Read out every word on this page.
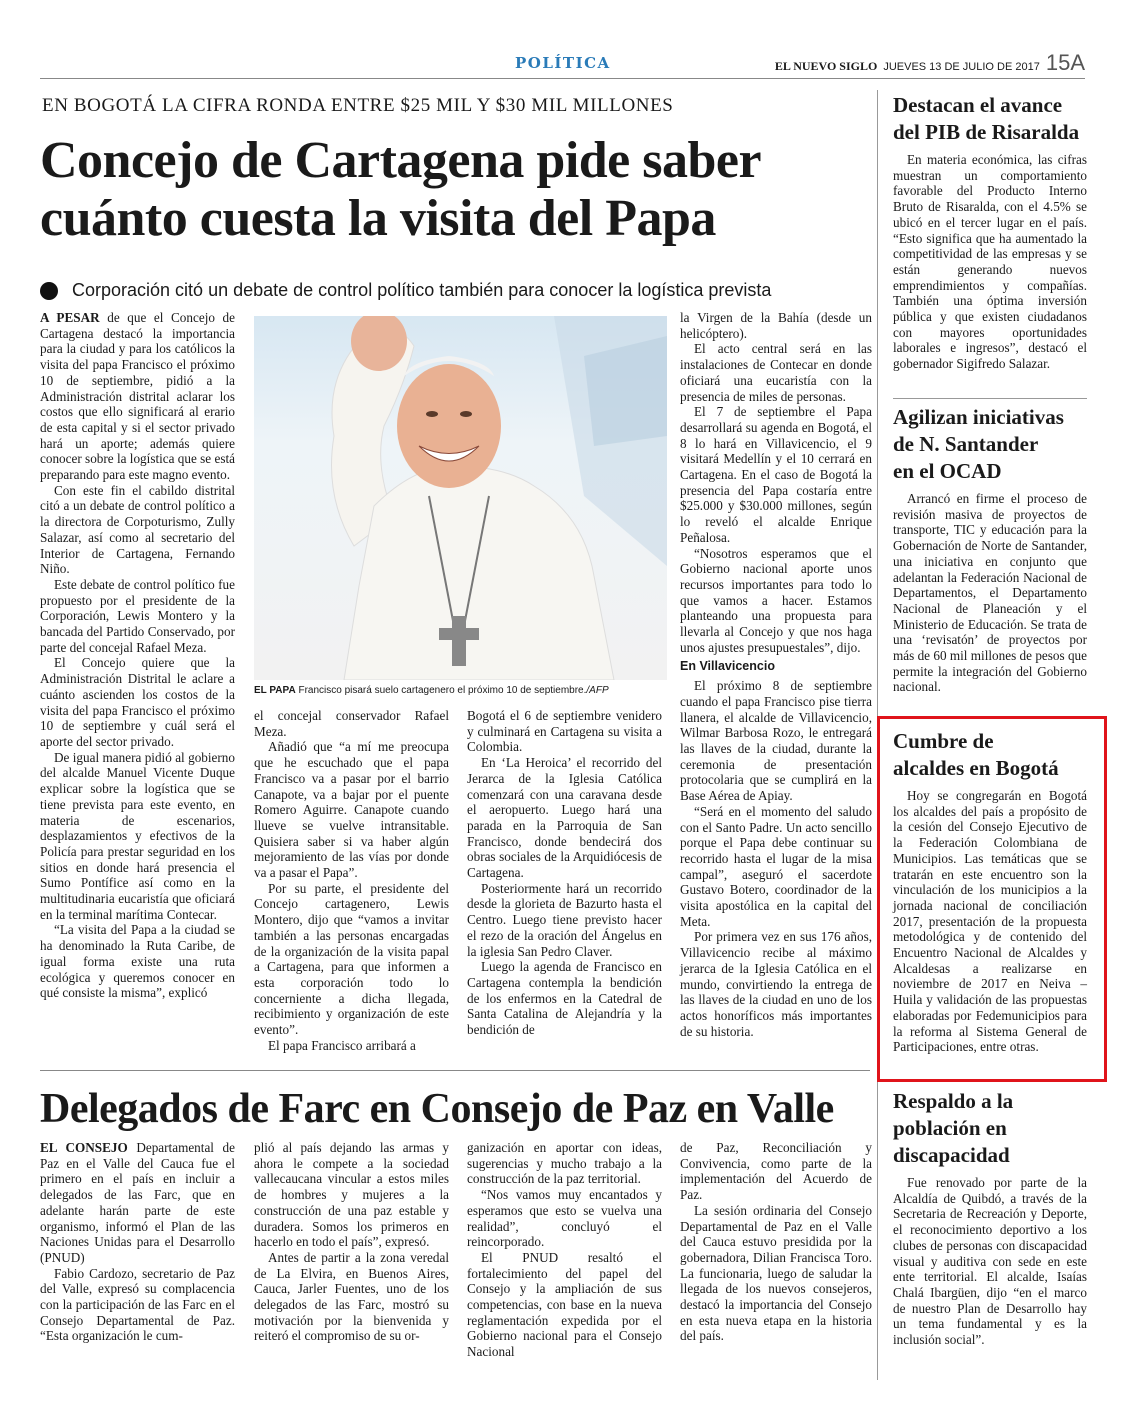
POLÍTICA	EL NUEVO SIGLO JUEVES 13 DE JULIO DE 2017 15A
EN BOGOTÁ LA CIFRA RONDA ENTRE $25 MIL Y $30 MIL MILLONES
Concejo de Cartagena pide saber
cuánto cuesta la visita del Papa
Corporación citó un debate de control político también para conocer la logística prevista

A PESAR de que el Concejo de Cartagena destacó la importancia para la ciudad y para los católicos la visita del papa Francisco el próximo 10 de septiembre, pidió a la Administración distrital aclarar los costos que ello significará al erario de esta capital y si el sector privado hará un aporte; además quiere conocer sobre la logística que se está preparando para este magno evento.

Con este fin el cabildo distrital citó a un debate de control político a la directora de Corpoturismo, Zully Salazar, así como al secretario del Interior de Cartagena, Fernando Niño.

Este debate de control político fue propuesto por el presidente de la Corporación, Lewis Montero y la bancada del Partido Conservado, por parte del concejal Rafael Meza.

El Concejo quiere que la Administración Distrital le aclare a cuánto ascienden los costos de la visita del papa Francisco el próximo 10 de septiembre y cuál será el aporte del sector privado.

De igual manera pidió al gobierno del alcalde Manuel Vicente Duque explicar sobre la logística que se tiene prevista para este evento, en materia de escenarios, desplazamientos y efectivos de la Policía para prestar seguridad en los sitios en donde hará presencia el Sumo Pontífice así como en la multitudinaria eucaristía que oficiará en la terminal marítima Contecar.

“La visita del Papa a la ciudad se ha denominado la Ruta Caribe, de igual forma existe una ruta ecológica y queremos conocer en qué consiste la misma”, explicó

EL PAPA Francisco pisará suelo cartagenero el próximo 10 de septiembre./AFP

el concejal conservador Rafael Meza.

Añadió que “a mí me preocupa que he escuchado que el papa Francisco va a pasar por el barrio Canapote, va a bajar por el puente Romero Aguirre. Canapote cuando llueve se vuelve intransitable. Quisiera saber si va haber algún mejoramiento de las vías por donde va a pasar el Papa”.

Por su parte, el presidente del Concejo cartagenero, Lewis Montero, dijo que “vamos a invitar también a las personas encargadas de la organización de la visita papal a Cartagena, para que informen a esta corporación todo lo concerniente a dicha llegada, recibimiento y organización de este evento”.

El papa Francisco arribará a

Bogotá el 6 de septiembre venidero y culminará en Cartagena su visita a Colombia.

En ‘La Heroica’ el recorrido del Jerarca de la Iglesia Católica comenzará con una caravana desde el aeropuerto. Luego hará una parada en la Parroquia de San Francisco, donde bendecirá dos obras sociales de la Arquidiócesis de Cartagena.

Posteriormente hará un recorrido desde la glorieta de Bazurto hasta el Centro. Luego tiene previsto hacer el rezo de la oración del Ángelus en la iglesia San Pedro Claver.

Luego la agenda de Francisco en Cartagena contempla la bendición de los enfermos en la Catedral de Santa Catalina de Alejandría y la bendición de

la Virgen de la Bahía (desde un helicóptero).

El acto central será en las instalaciones de Contecar en donde oficiará una eucaristía con la presencia de miles de personas.

El 7 de septiembre el Papa desarrollará su agenda en Bogotá, el 8 lo hará en Villavicencio, el 9 visitará Medellín y el 10 cerrará en Cartagena. En el caso de Bogotá la presencia del Papa costaría entre $25.000 y $30.000 millones, según lo reveló el alcalde Enrique Peñalosa.

“Nosotros esperamos que el Gobierno nacional aporte unos recursos importantes para todo lo que vamos a hacer. Estamos planteando una propuesta para llevarla al Concejo y que nos haga unos ajustes presupuestales”, dijo.

En Villavicencio

El próximo 8 de septiembre cuando el papa Francisco pise tierra llanera, el alcalde de Villavicencio, Wilmar Barbosa Rozo, le entregará las llaves de la ciudad, durante la ceremonia de presentación protocolaria que se cumplirá en la Base Aérea de Apiay.

“Será en el momento del saludo con el Santo Padre. Un acto sencillo porque el Papa debe continuar su recorrido hasta el lugar de la misa campal”, aseguró el sacerdote Gustavo Botero, coordinador de la visita apostólica en la capital del Meta.

Por primera vez en sus 176 años, Villavicencio recibe al máximo jerarca de la Iglesia Católica en el mundo, convirtiendo la entrega de las llaves de la ciudad en uno de los actos honoríficos más importantes de su historia.

Delegados de Farc en Consejo de Paz en Valle

EL CONSEJO Departamental de Paz en el Valle del Cauca fue el primero en el país en incluir a delegados de las Farc, que en adelante harán parte de este organismo, informó el Plan de las Naciones Unidas para el Desarrollo (PNUD)

Fabio Cardozo, secretario de Paz del Valle, expresó su complacencia con la participación de las Farc en el Consejo Departamental de Paz. “Esta organización le cum-

plió al país dejando las armas y ahora le compete a la sociedad vallecaucana vincular a estos miles de hombres y mujeres a la construcción de una paz estable y duradera. Somos los primeros en hacerlo en todo el país”, expresó.

Antes de partir a la zona veredal de La Elvira, en Buenos Aires, Cauca, Jarler Fuentes, uno de los delegados de las Farc, mostró su motivación por la bienvenida y reiteró el compromiso de su or-

ganización en aportar con ideas, sugerencias y mucho trabajo a la construcción de la paz territorial.

“Nos vamos muy encantados y esperamos que esto se vuelva una realidad”, concluyó el reincorporado.

El PNUD resaltó el fortalecimiento del papel del Consejo y la ampliación de sus competencias, con base en la nueva reglamentación expedida por el Gobierno nacional para el Consejo Nacional

de Paz, Reconciliación y Convivencia, como parte de la implementación del Acuerdo de Paz.

La sesión ordinaria del Consejo Departamental de Paz en el Valle del Cauca estuvo presidida por la gobernadora, Dilian Francisca Toro. La funcionaria, luego de saludar la llegada de los nuevos consejeros, destacó la importancia del Consejo en esta nueva etapa en la historia del país.

Destacan el avance
del PIB de Risaralda

En materia económica, las cifras muestran un comportamiento favorable del Producto Interno Bruto de Risaralda, con el 4.5% se ubicó en el tercer lugar en el país. “Esto significa que ha aumentado la competitividad de las empresas y se están generando nuevos emprendimientos y compañías. También una óptima inversión pública y que existen ciudadanos con mayores oportunidades laborales e ingresos”, destacó el gobernador Sigifredo Salazar.

Agilizan iniciativas
de N. Santander
en el OCAD

Arrancó en firme el proceso de revisión masiva de proyectos de transporte, TIC y educación para la Gobernación de Norte de Santander, una iniciativa en conjunto que adelantan la Federación Nacional de Departamentos, el Departamento Nacional de Planeación y el Ministerio de Educación. Se trata de una ‘revisatón’ de proyectos por más de 60 mil millones de pesos que permite la integración del Gobierno nacional.

Cumbre de
alcaldes en Bogotá

Hoy se congregarán en Bogotá los alcaldes del país a propósito de la cesión del Consejo Ejecutivo de la Federación Colombiana de Municipios. Las temáticas que se tratarán en este encuentro son la vinculación de los municipios a la jornada nacional de conciliación 2017, presentación de la propuesta metodológica y de contenido del Encuentro Nacional de Alcaldes y Alcaldesas a realizarse en noviembre de 2017 en Neiva – Huila y validación de las propuestas elaboradas por Fedemunicipios para la reforma al Sistema General de Participaciones, entre otras.

Respaldo a la
población en
discapacidad

Fue renovado por parte de la Alcaldía de Quibdó, a través de la Secretaria de Recreación y Deporte, el reconocimiento deportivo a los clubes de personas con discapacidad visual y auditiva con sede en este ente territorial. El alcalde, Isaías Chalá Ibargüen, dijo “en el marco de nuestro Plan de Desarrollo hay un tema fundamental y es la inclusión social”.
